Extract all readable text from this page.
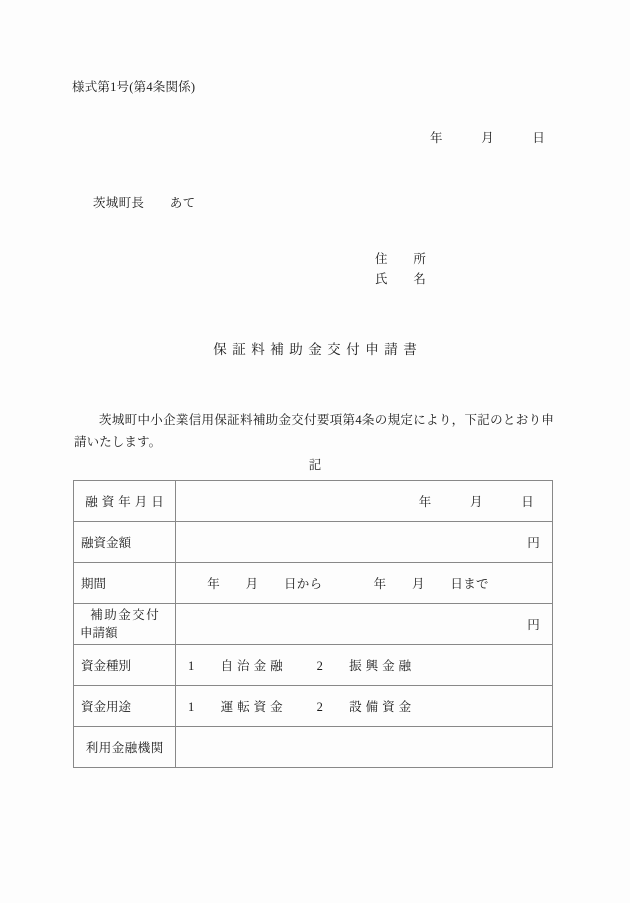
様式第1号(第4条関係)
年　　　月　　　日
茨城町長　　あて
住　　所
氏　　名
保証料補助金交付申請書
茨城町中小企業信用保証料補助金交付要項第4条の規定により，下記のとおり申請いたします。
記
融資年月日	年　　　月　　　日

融資金額	円

期間	年　　月　　日から　　　　年　　月　　日まで

補助金交付
申請額	円

資金種別	1 自治金融 2 振興金融

資金用途	1 運転資金 2 設備資金

利用金融機関	
